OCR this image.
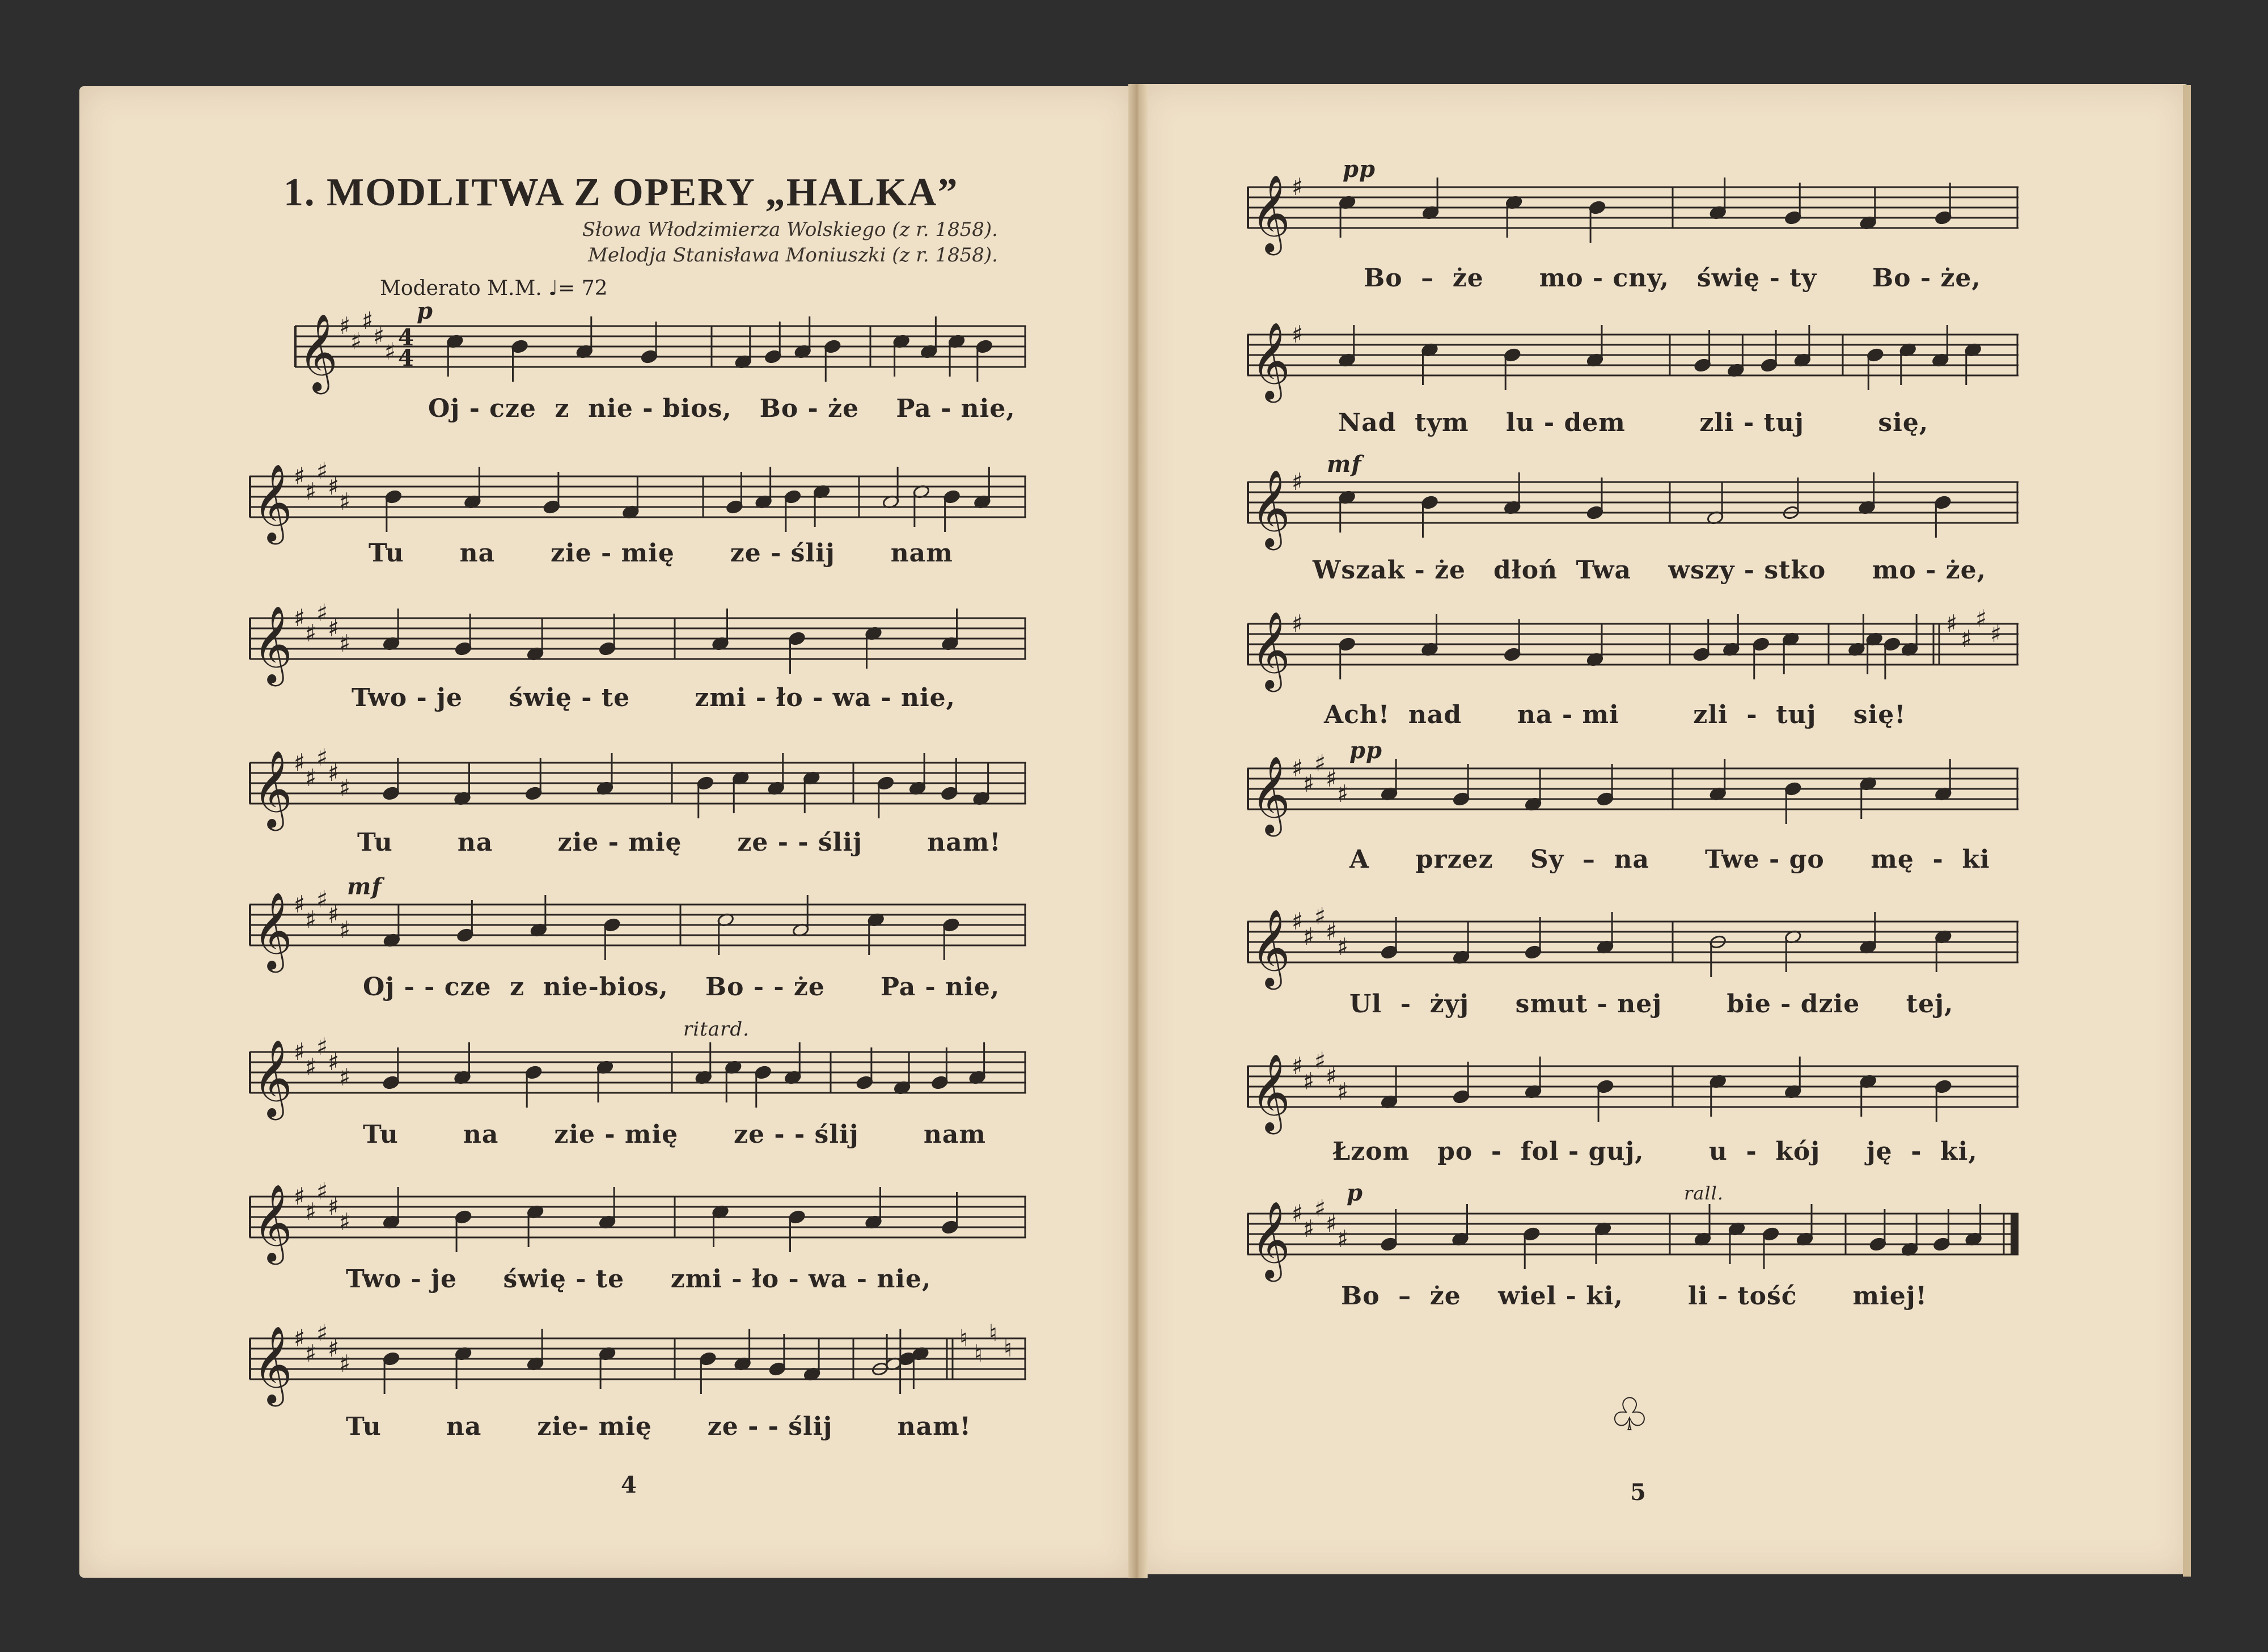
1. MODLITWA Z OPERY „HALKA”
Słowa Włodzimierza Wolskiego (z r. 1858).
Melodja Stanisława Moniuszki (z r. 1858).
Moderato M.M. ♩= 72
𝄞 ♯
♯
♯
♯
♯ 4
4
Oj - cze  z  nie - bios,   Bo - że    Pa - nie,
𝄞 ♯
♯
♯
♯
♯
Tu      na      zie - mię      ze - ślij      nam
𝄞 ♯
♯
♯
♯
♯
Two - je     świę - te       zmi - ło - wa - nie,
𝄞 ♯
♯
♯
♯
♯
Tu       na       zie - mię      ze - - ślij       nam!
𝄞 ♯
♯
♯
♯
♯
Oj - - cze  z  nie-bios,    Bo - - że      Pa - nie,
𝄞 ♯
♯
♯
♯
♯
Tu       na      zie - mię      ze - - ślij       nam
𝄞 ♯
♯
♯
♯
♯
Two - je     świę - te     zmi - ło - wa - nie,
𝄞 ♯
♯
♯
♯
♯
♮
♮
♮
♮
Tu       na      zie- mię      ze - - ślij       nam!
4
𝄞 ♯
Bo  –  że      mo - cny,   świę - ty      Bo - że,
𝄞 ♯
Nad  tym    lu - dem        zli - tuj        się,
𝄞 ♯
Wszak - że   dłoń  Twa    wszy - stko     mo - że,
𝄞 ♯	♯
♯
♯
♯
Ach!  nad      na - mi        zli  -  tuj    się!
𝄞 ♯
♯
♯
♯
♯
A     przez    Sy  –  na      Twe - go     mę  -  ki
𝄞 ♯
♯
♯
♯
♯
Ul  -  żyj     smut - nej       bie - dzie     tej,
𝄞 ♯
♯
♯
♯
♯
Łzom   po  -  fol - guj,       u  -  kój     ję  -  ki,
𝄞 ♯
♯
♯
♯
♯
Bo  –  że    wiel - ki,       li - tość      miej!
♧
5
p
mf
ritard.
pp
mf
pp
p	rall.
